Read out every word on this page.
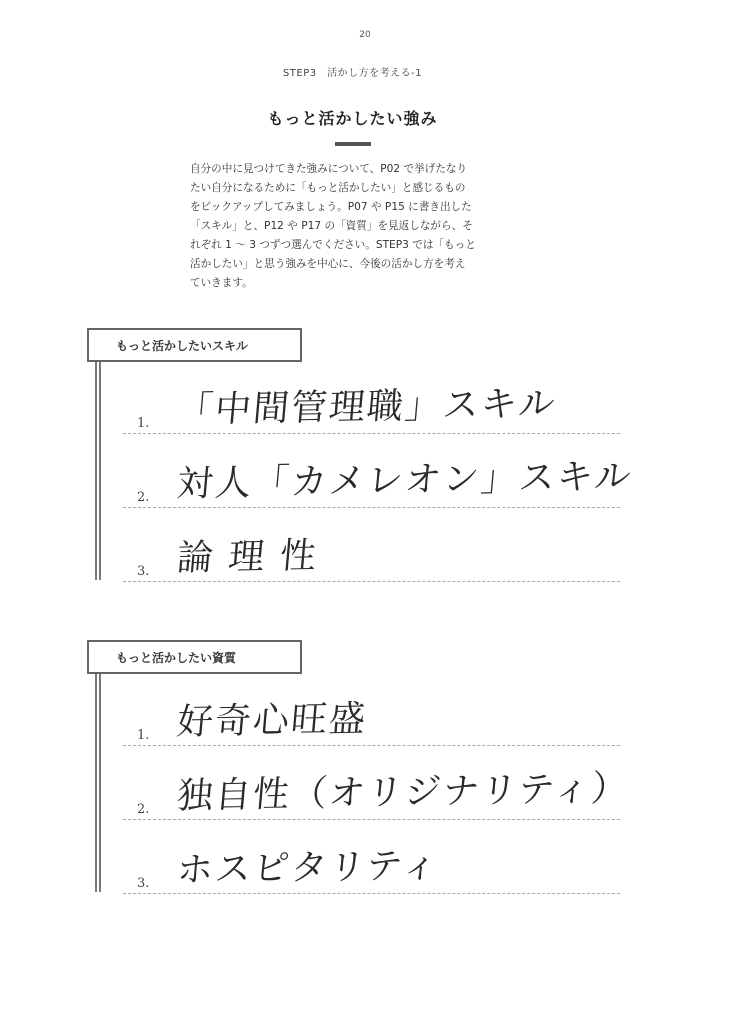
20
STEP3　活かし方を考える-1
もっと活かしたい強み

自分の中に見つけてきた強みについて、P02 で挙げたなり

たい自分になるために「もっと活かしたい」と感じるもの

をピックアップしてみましょう。P07 や P15 に書き出した

「スキル」と、P12 や P17 の「資質」を見返しながら、そ

れぞれ 1 ～ 3 つずつ選んでください。STEP3 では「もっと

活かしたい」と思う強みを中心に、今後の活かし方を考え

ていきます。

もっと活かしたいスキル
1. 「中間管理職」スキル
2. 対人「カメレオン」スキル
3. 論 理 性
もっと活かしたい資質
1. 好奇心旺盛
2. 独自性（オリジナリティ）
3. ホスピタリティ
